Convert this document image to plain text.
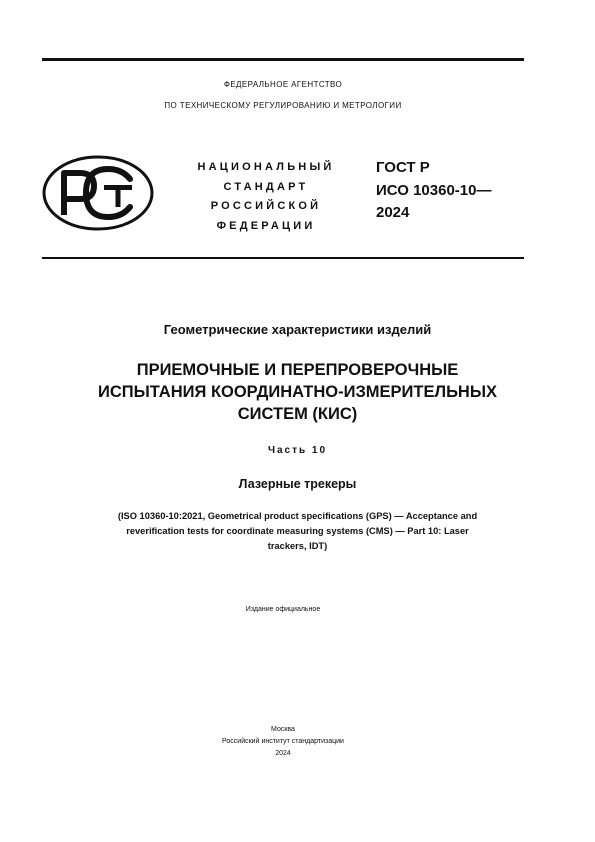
ФЕДЕРАЛЬНОЕ АГЕНТСТВО
ПО ТЕХНИЧЕСКОМУ РЕГУЛИРОВАНИЮ И МЕТРОЛОГИИ
НАЦИОНАЛЬНЫЙ
СТАНДАРТ
РОССИЙСКОЙ
ФЕДЕРАЦИИ
ГОСТ Р
ИСО 10360-10—
2024
Геометрические характеристики изделий
ПРИЕМОЧНЫЕ И ПЕРЕПРОВЕРОЧНЫЕ
ИСПЫТАНИЯ КООРДИНАТНО-ИЗМЕРИТЕЛЬНЫХ
СИСТЕМ (КИС)
Часть 10
Лазерные трекеры
(ISO 10360-10:2021, Geometrical product specifications (GPS) — Acceptance and
reverification tests for coordinate measuring systems (CMS) — Part 10: Laser
trackers, IDT)
Издание официальное
Москва
Российский институт стандартизации
2024
